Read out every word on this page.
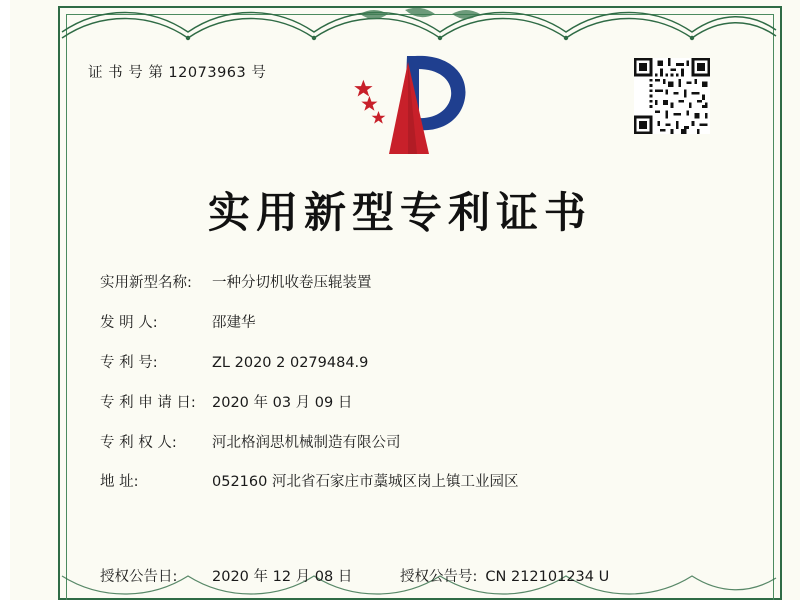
证 书 号 第 12073963 号
实用新型专利证书
实用新型名称:	一种分切机收卷压辊装置
发 明 人:	邵建华
专 利 号:	ZL 2020 2 0279484.9
专 利 申 请 日:	2020 年 03 月 09 日
专 利 权 人:	河北格润思机械制造有限公司
地 址:	052160 河北省石家庄市藁城区岗上镇工业园区
授权公告日:	2020 年 12 月 08 日	授权公告号: CN 212101234 U
